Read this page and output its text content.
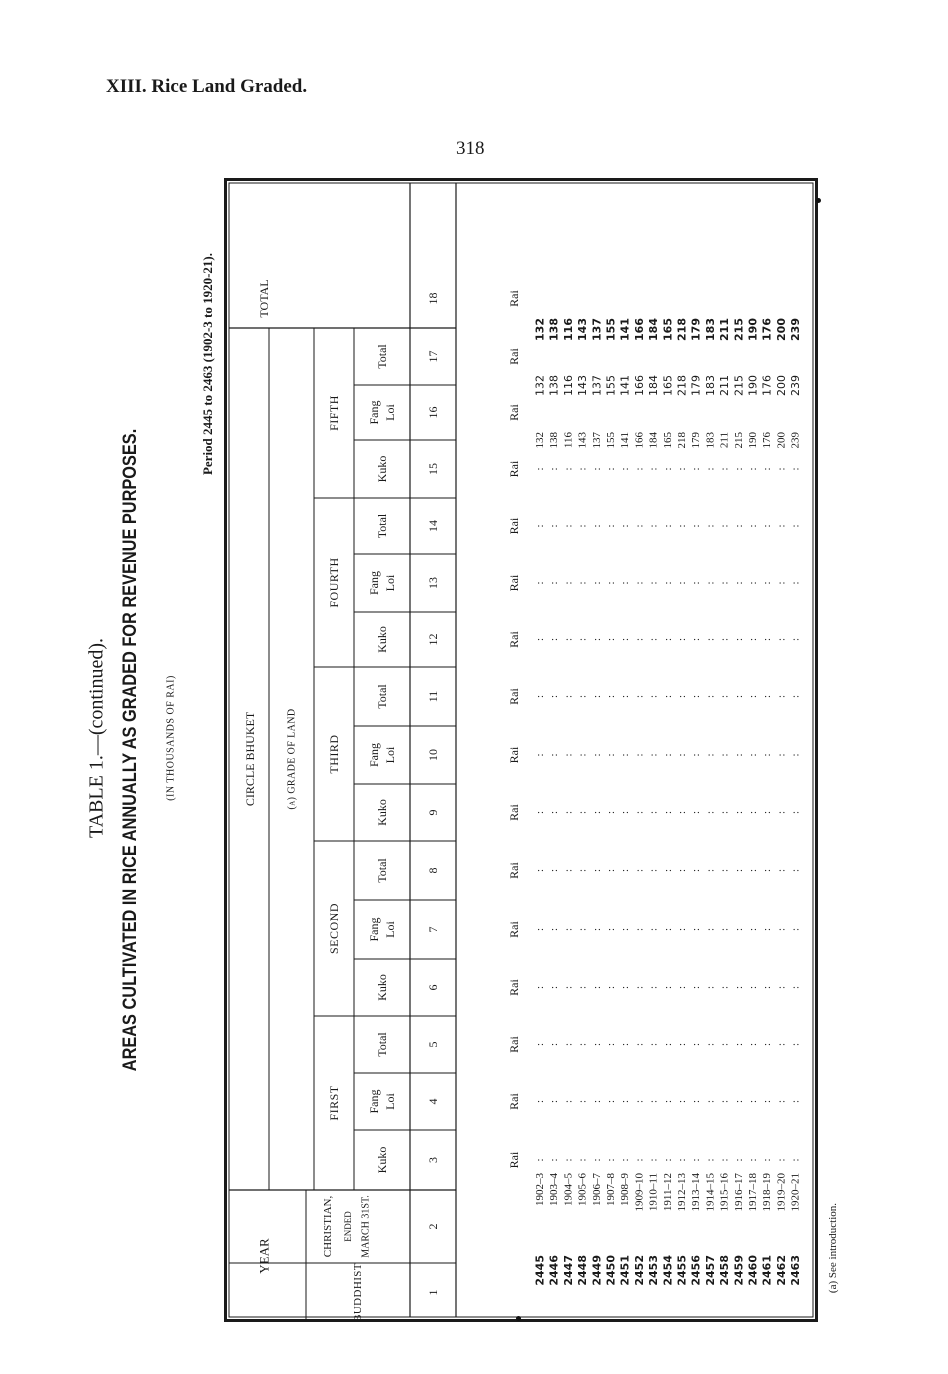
XIII. Rice Land Graded.
318
TABLE 1.—(continued). AREAS CULTIVATED IN RICE ANNUALLY AS GRADED FOR REVENUE PURPOSES. (IN THOUSANDS OF RAI)
Period 2445 to 2463 (1902-3 to 1920-21).
(a) See introduction.
YEAR
BUDDHIST
CHRISTIAN, ENDED MARCH 31ST.
CIRCLE BHUKET	(a) GRADE OF LAND
TOTAL
FIRST
SECOND
THIRD
FOURTH
FIFTH
Kuko
Fang Loi
Total
Kuko
Fang Loi
Total
Kuko
Fang Loi
Total
Kuko
Fang Loi
Total
Kuko
Fang Loi
Total
1
2
3
4
5
6
7
8
9
10
11
12
13
14
15
16
17
18
Rai
Rai
Rai
Rai
Rai
Rai
Rai
Rai
Rai
Rai
Rai
Rai
Rai
Rai
Rai
Rai
2445
1902–3
:
:
:
:
:
:
:
:
:
:
:
:
:
132
132
132
2446
1903–4
:
:
:
:
:
:
:
:
:
:
:
:
:
138
138
138
2447
1904–5
:
:
:
:
:
:
:
:
:
:
:
:
:
116
116
116
2448
1905–6
:
:
:
:
:
:
:
:
:
:
:
:
:
143
143
143
2449
1906–7
:
:
:
:
:
:
:
:
:
:
:
:
:
137
137
137
2450
1907–8
:
:
:
:
:
:
:
:
:
:
:
:
:
155
155
155
2451
1908–9
:
:
:
:
:
:
:
:
:
:
:
:
:
141
141
141
2452
1909–10
:
:
:
:
:
:
:
:
:
:
:
:
:
166
166
166
2453
1910–11
:
:
:
:
:
:
:
:
:
:
:
:
:
184
184
184
2454
1911–12
:
:
:
:
:
:
:
:
:
:
:
:
:
165
165
165
2455
1912–13
:
:
:
:
:
:
:
:
:
:
:
:
:
218
218
218
2456
1913–14
:
:
:
:
:
:
:
:
:
:
:
:
:
179
179
179
2457
1914–15
:
:
:
:
:
:
:
:
:
:
:
:
:
183
183
183
2458
1915–16
:
:
:
:
:
:
:
:
:
:
:
:
:
211
211
211
2459
1916–17
:
:
:
:
:
:
:
:
:
:
:
:
:
215
215
215
2460
1917–18
:
:
:
:
:
:
:
:
:
:
:
:
:
190
190
190
2461
1918–19
:
:
:
:
:
:
:
:
:
:
:
:
:
176
176
176
2462
1919–20
:
:
:
:
:
:
:
:
:
:
:
:
:
200
200
200
2463
1920–21
:
:
:
:
:
:
:
:
:
:
:
:
:
239
239
239
